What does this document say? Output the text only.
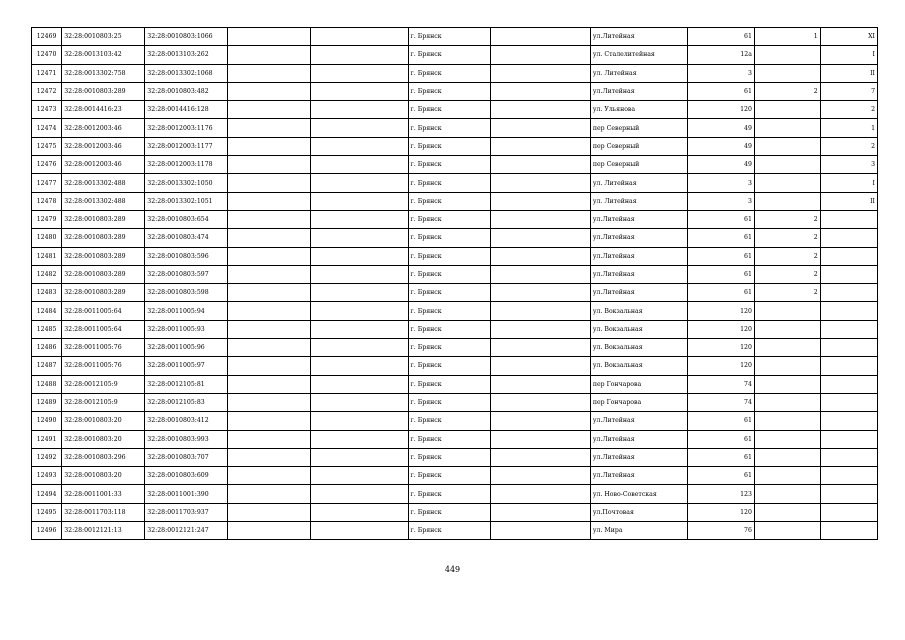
12469	32:28:0010803:25	32:28:0010803:1066			г. Брянск		ул.Литейная	61	1	XI
12470	32:28:0013103:42	32:28:0013103:262			г. Брянск		ул. Сталелитейная	12а		I
12471	32:28:0013302:758	32:28:0013302:1068			г. Брянск		ул. Литейная	3		II
12472	32:28:0010803:289	32:28:0010803:482			г. Брянск		ул.Литейная	61	2	7
12473	32:28:0014416:23	32:28:0014416:128			г. Брянск		ул. Ульянова	120		2
12474	32:28:0012003:46	32:28:0012003:1176			г. Брянск		пер Северный	49		1
12475	32:28:0012003:46	32:28:0012003:1177			г. Брянск		пер Северный	49		2
12476	32:28:0012003:46	32:28:0012003:1178			г. Брянск		пер Северный	49		3
12477	32:28:0013302:488	32:28:0013302:1050			г. Брянск		ул. Литейная	3		I
12478	32:28:0013302:488	32:28:0013302:1051			г. Брянск		ул. Литейная	3		II
12479	32:28:0010803:289	32:28:0010803:654			г. Брянск		ул.Литейная	61	2	
12480	32:28:0010803:289	32:28:0010803:474			г. Брянск		ул.Литейная	61	2	
12481	32:28:0010803:289	32:28:0010803:596			г. Брянск		ул.Литейная	61	2	
12482	32:28:0010803:289	32:28:0010803:597			г. Брянск		ул.Литейная	61	2	
12483	32:28:0010803:289	32:28:0010803:598			г. Брянск		ул.Литейная	61	2	
12484	32:28:0011005:64	32:28:0011005:94			г. Брянск		ул. Вокзальная	120		
12485	32:28:0011005:64	32:28:0011005:93			г. Брянск		ул. Вокзальная	120		
12486	32:28:0011005:76	32:28:0011005:96			г. Брянск		ул. Вокзальная	120		
12487	32:28:0011005:76	32:28:0011005:97			г. Брянск		ул. Вокзальная	120		
12488	32:28:0012105:9	32:28:0012105:81			г. Брянск		пер Гончарова	74		
12489	32:28:0012105:9	32:28:0012105:83			г. Брянск		пер Гончарова	74		
12490	32:28:0010803:20	32:28:0010803:412			г. Брянск		ул.Литейная	61		
12491	32:28:0010803:20	32:28:0010803:993			г. Брянск		ул.Литейная	61		
12492	32:28:0010803:296	32:28:0010803:707			г. Брянск		ул.Литейная	61		
12493	32:28:0010803:20	32:28:0010803:609			г. Брянск		ул.Литейная	61		
12494	32:28:0011001:33	32:28:0011001:390			г. Брянск		ул. Ново-Советская	123		
12495	32:28:0011703:118	32:28:0011703:937			г. Брянск		ул.Почтовая	120		
12496	32:28:0012121:13	32:28:0012121:247			г. Брянск		ул. Мира	76		
449
